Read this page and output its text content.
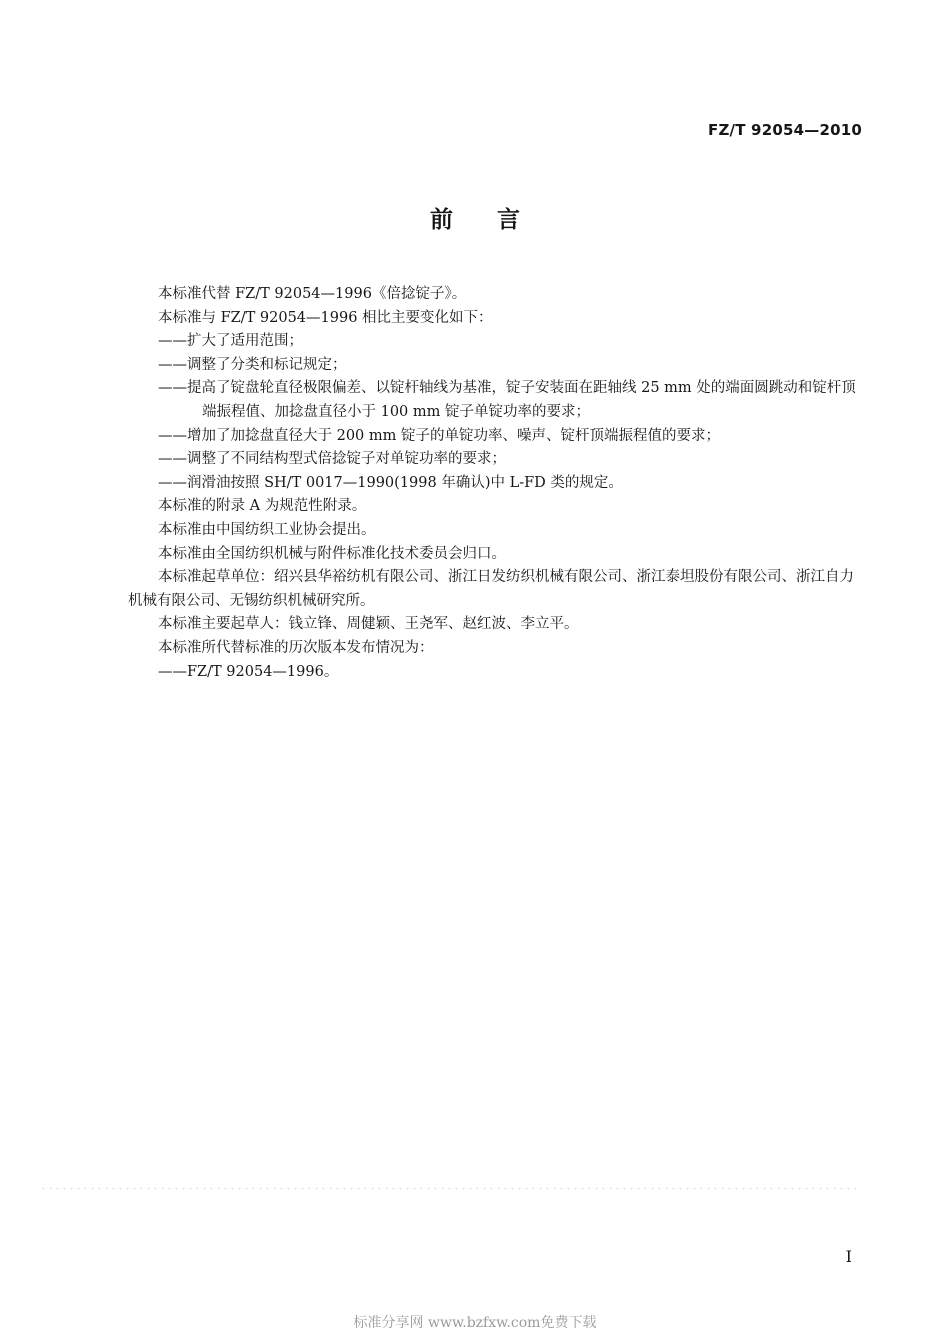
FZ/T 92054—2010
前言

本标准代替 FZ/T 92054—1996《倍捻锭子》。

本标准与 FZ/T 92054—1996 相比主要变化如下：

——扩大了适用范围；

——调整了分类和标记规定；

——提高了锭盘轮直径极限偏差、以锭杆轴线为基准，锭子安装面在距轴线 25 mm 处的端面圆跳动和锭杆顶端振程值、加捻盘直径小于 100 mm 锭子单锭功率的要求；

——增加了加捻盘直径大于 200 mm 锭子的单锭功率、噪声、锭杆顶端振程值的要求；

——调整了不同结构型式倍捻锭子对单锭功率的要求；

——润滑油按照 SH/T 0017—1990(1998 年确认)中 L-FD 类的规定。

本标准的附录 A 为规范性附录。

本标准由中国纺织工业协会提出。

本标准由全国纺织机械与附件标准化技术委员会归口。

本标准起草单位：绍兴县华裕纺机有限公司、浙江日发纺织机械有限公司、浙江泰坦股份有限公司、浙江自力机械有限公司、无锡纺织机械研究所。

本标准主要起草人：钱立锋、周健颖、王尧军、赵红波、李立平。

本标准所代替标准的历次版本发布情况为：

——FZ/T 92054—1996。

I
标准分享网 www.bzfxw.com免费下载
